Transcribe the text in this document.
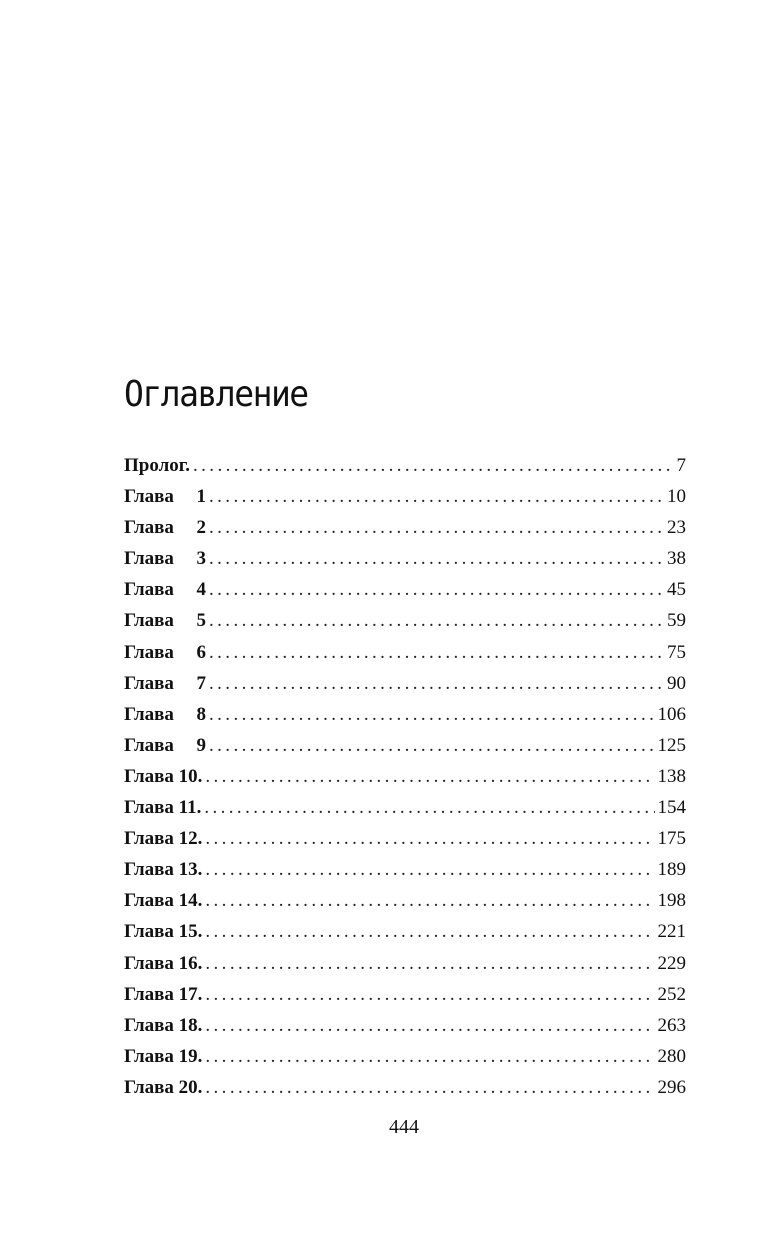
Оглавление
Пролог. .....	7
Глава 1 .....	10
Глава 2 .....	23
Глава 3 .....	38
Глава 4 .....	45
Глава 5 .....	59
Глава 6 .....	75
Глава 7 .....	90
Глава 8 .....	106
Глава 9 .....	125
Глава 10. .....	138
Глава 11. .....	154
Глава 12. .....	175
Глава 13. .....	189
Глава 14. .....	198
Глава 15. .....	221
Глава 16. .....	229
Глава 17. .....	252
Глава 18. .....	263
Глава 19. .....	280
Глава 20. .....	296
444
